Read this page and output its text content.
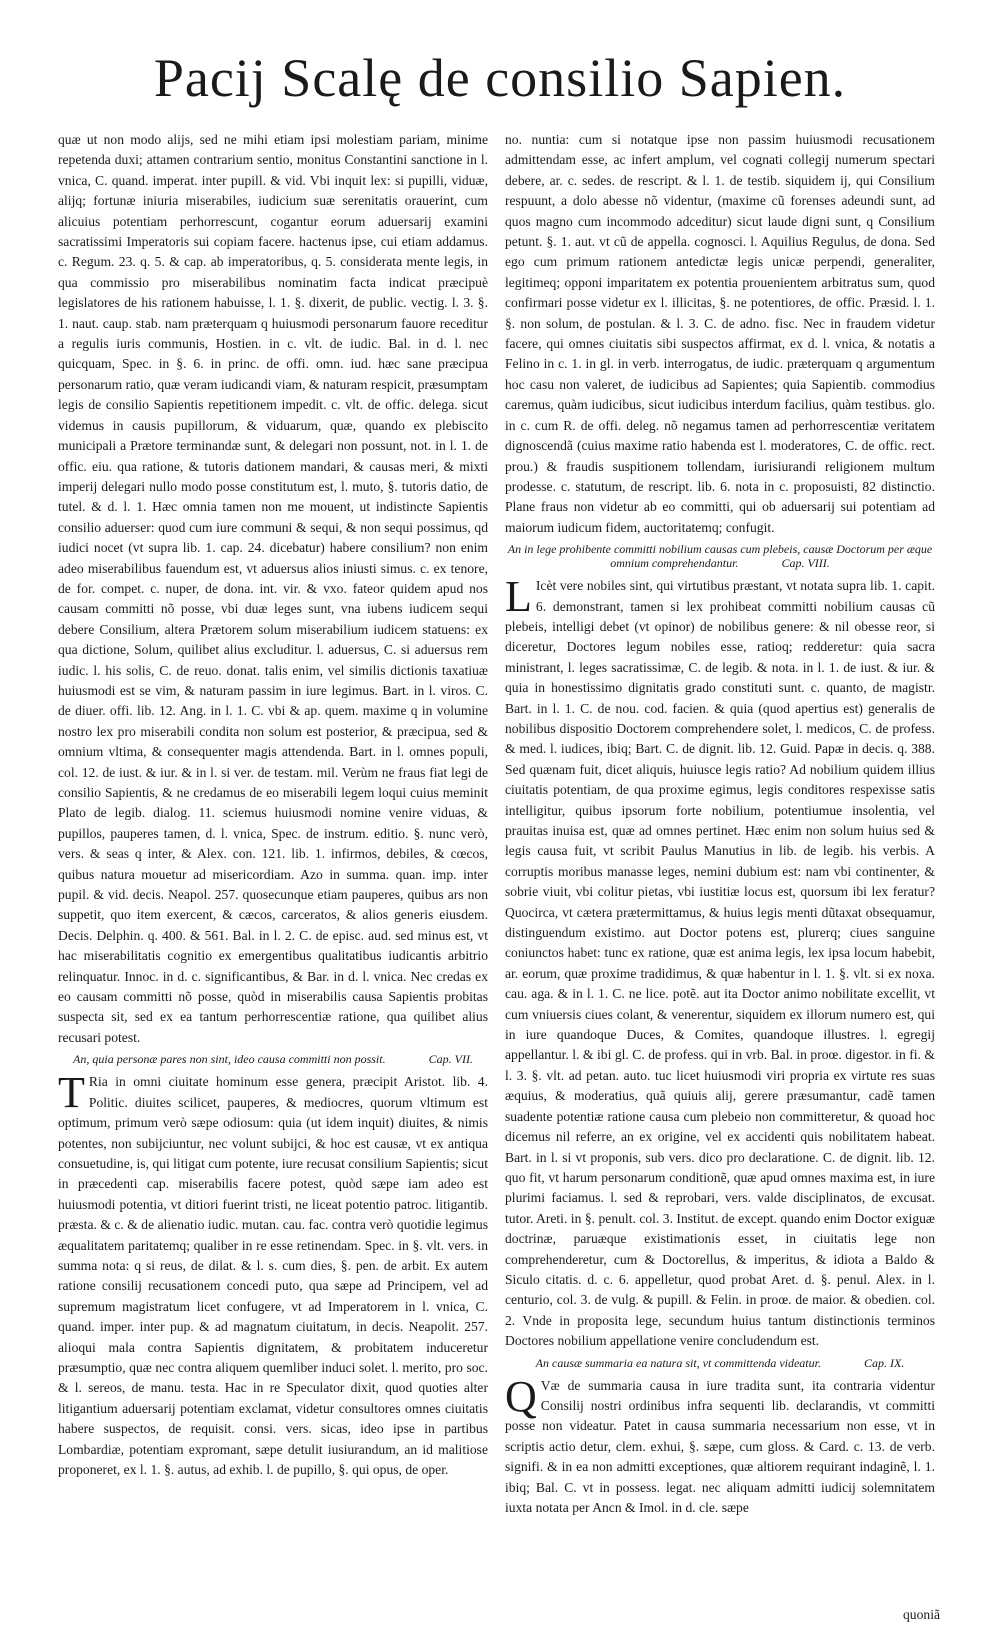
Pacij Scalę de consilio Sapien.

quæ ut non modo alijs, sed ne mihi etiam ipsi molestiam pariam, minime repetenda duxi; attamen contrarium sentio, monitus Constantini sanctione in l. vnica, C. quand. imperat. inter pupill. & vid. Vbi inquit lex: si pupilli, viduæ, alijq; fortunæ iniuria miserabiles, iudicium suæ serenitatis orauerint, cum alicuius potentiam perhorrescunt, cogantur eorum aduersarij examini sacratissimi Imperatoris sui copiam facere. hactenus ipse, cui etiam addamus. c. Regum. 23. q. 5. & cap. ab imperatoribus, q. 5. considerata mente legis, in qua commissio pro miserabilibus nominatim facta indicat præcipuè legislatores de his rationem habuisse, l. 1. §. dixerit, de public. vectig. l. 3. §. 1. naut. caup. stab. nam præterquam q huiusmodi personarum fauore receditur a regulis iuris communis, Hostien. in c. vlt. de iudic. Bal. in d. l. nec quicquam, Spec. in §. 6. in princ. de offi. omn. iud. hæc sane præcipua personarum ratio, quæ veram iudicandi viam, & naturam respicit, præsumptam legis de consilio Sapientis repetitionem impedit. c. vlt. de offic. delega. sicut videmus in causis pupillorum, & viduarum, quæ, quando ex plebiscito municipali a Prætore terminandæ sunt, & delegari non possunt, not. in l. 1. de offic. eiu. qua ratione, & tutoris dationem mandari, & causas meri, & mixti imperij delegari nullo modo posse constitutum est, l. muto, §. tutoris datio, de tutel. & d. l. 1. Hæc omnia tamen non me mouent, ut indistincte Sapientis consilio aduerser: quod cum iure communi & sequi, & non sequi possimus, qd iudici nocet (vt supra lib. 1. cap. 24. dicebatur) habere consilium? non enim adeo miserabilibus fauendum est, vt aduersus alios iniusti simus. c. ex tenore, de for. compet. c. nuper, de dona. int. vir. & vxo. fateor quidem apud nos causam committi nõ posse, vbi duæ leges sunt, vna iubens iudicem sequi debere Consilium, altera Prætorem solum miserabilium iudicem statuens: ex qua dictione, Solum, quilibet alius excluditur. l. aduersus, C. si aduersus rem iudic. l. his solis, C. de reuo. donat. talis enim, vel similis dictionis taxatiuæ huiusmodi est se vim, & naturam passim in iure legimus. Bart. in l. viros. C. de diuer. offi. lib. 12. Ang. in l. 1. C. vbi & ap. quem. maxime q in volumine nostro lex pro miserabili condita non solum est posterior, & præcipua, sed & omnium vltima, & consequenter magis attendenda. Bart. in l. omnes populi, col. 12. de iust. & iur. & in l. si ver. de testam. mil. Verùm ne fraus fiat legi de consilio Sapientis, & ne credamus de eo miserabili legem loqui cuius meminit Plato de legib. dialog. 11. sciemus huiusmodi nomine venire viduas, & pupillos, pauperes tamen, d. l. vnica, Spec. de instrum. editio. §. nunc verò, vers. & seas q inter, & Alex. con. 121. lib. 1. infirmos, debiles, & cœcos, quibus natura mouetur ad misericordiam. Azo in summa. quan. imp. inter pupil. & vid. decis. Neapol. 257. quosecunque etiam pauperes, quibus ars non suppetit, quo item exercent, & cæcos, carceratos, & alios generis eiusdem. Decis. Delphin. q. 400. & 561. Bal. in l. 2. C. de episc. aud. sed minus est, vt hac miserabilitatis cognitio ex emergentibus qualitatibus iudicantis arbitrio relinquatur. Innoc. in d. c. significantibus, & Bar. in d. l. vnica. Nec credas ex eo causam committi nõ posse, quòd in miserabilis causa Sapientis probitas suspecta sit, sed ex ea tantum perhorrescentiæ ratione, qua quilibet alius recusari potest.

An, quia personæ pares non sint, ideo causa committi non possit.	Cap. VII.

T Ria in omni ciuitate hominum esse genera, præcipit Aristot. lib. 4. Politic. diuites scilicet, pauperes, & mediocres, quorum vltimum est optimum, primum verò sæpe odiosum: quia (ut idem inquit) diuites, & nimis potentes, non subijciuntur, nec volunt subijci, & hoc est causæ, vt ex antiqua consuetudine, is, qui litigat cum potente, iure recusat consilium Sapientis; sicut in præcedenti cap. miserabilis facere potest, quòd sæpe iam adeo est huiusmodi potentia, vt ditiori fuerint tristi, ne liceat potentio patroc. litigantib. præsta. & c. & de alienatio iudic. mutan. cau. fac. contra verò quotidie legimus æqualitatem paritatemq; qualiber in re esse retinendam. Spec. in §. vlt. vers. in summa nota: q si reus, de dilat. & l. s. cum dies, §. pen. de arbit. Ex autem ratione consilij recusationem concedi puto, qua sæpe ad Principem, vel ad supremum magistratum licet confugere, vt ad Imperatorem in l. vnica, C. quand. imper. inter pup. & ad magnatum ciuitatum, in decis. Neapolit. 257. alioqui mala contra Sapientis dignitatem, & probitatem induceretur præsumptio, quæ nec contra aliquem quemliber induci solet. l. merito, pro soc. & l. sereos, de manu. testa. Hac in re Speculator dixit, quod quoties alter litigantium aduersarij potentiam exclamat, videtur consultores omnes ciuitatis habere suspectos, de requisit. consi. vers. sicas, ideo ipse in partibus Lombardiæ, potentiam expromant, sæpe detulit iusiurandum, an id malitiose proponeret, ex l. 1. §. autus, ad exhib. l. de pupillo, §. qui opus, de oper.

no. nuntia: cum si notatque ipse non passim huiusmodi recusationem admittendam esse, ac infert amplum, vel cognati collegij numerum spectari debere, ar. c. sedes. de rescript. & l. 1. de testib. siquidem ij, qui Consilium respuunt, a dolo abesse nõ videntur, (maxime cũ forenses adeundi sunt, ad quos magno cum incommodo adceditur) sicut laude digni sunt, q Consilium petunt. §. 1. aut. vt cũ de appella. cognosci. l. Aquilius Regulus, de dona. Sed ego cum primum rationem antedictæ legis unicæ perpendi, generaliter, legitimeq; opponi imparitatem ex potentia prouenientem arbitratus sum, quod confirmari posse videtur ex l. illicitas, §. ne potentiores, de offic. Præsid. l. 1. §. non solum, de postulan. & l. 3. C. de adno. fisc. Nec in fraudem videtur facere, qui omnes ciuitatis sibi suspectos affirmat, ex d. l. vnica, & notatis a Felino in c. 1. in gl. in verb. interrogatus, de iudic. præterquam q argumentum hoc casu non valeret, de iudicibus ad Sapientes; quia Sapientib. commodius caremus, quàm iudicibus, sicut iudicibus interdum facilius, quàm testibus. glo. in c. cum R. de offi. deleg. nõ negamus tamen ad perhorrescentiæ veritatem dignoscendã (cuius maxime ratio habenda est l. moderatores, C. de offic. rect. prou.) & fraudis suspitionem tollendam, iurisiurandi religionem multum prodesse. c. statutum, de rescript. lib. 6. nota in c. proposuisti, 82 distinctio. Plane fraus non videtur ab eo committi, qui ob aduersarij sui potentiam ad maiorum iudicum fidem, auctoritatemq; confugit.

An in lege prohibente committi nobilium causas cum plebeis, causæ Doctorum per æque omnium comprehendantur.	Cap. VIII.

L Icèt vere nobiles sint, qui virtutibus præstant, vt notata supra lib. 1. capit. 6. demonstrant, tamen si lex prohibeat committi nobilium causas cũ plebeis, intelligi debet (vt opinor) de nobilibus genere: & nil obesse reor, si diceretur, Doctores legum nobiles esse, ratioq; redderetur: quia sacra ministrant, l. leges sacratissimæ, C. de legib. & nota. in l. 1. de iust. & iur. & quia in honestissimo dignitatis grado constituti sunt. c. quanto, de magistr. Bart. in l. 1. C. de nou. cod. facien. & quia (quod apertius est) generalis de nobilibus dispositio Doctorem comprehendere solet, l. medicos, C. de profess. & med. l. iudices, ibiq; Bart. C. de dignit. lib. 12. Guid. Papæ in decis. q. 388. Sed quænam fuit, dicet aliquis, huiusce legis ratio? Ad nobilium quidem illius ciuitatis potentiam, de qua proxime egimus, legis conditores respexisse satis intelligitur, quibus ipsorum forte nobilium, potentiumue insolentia, vel prauitas inuisa est, quæ ad omnes pertinet. Hæc enim non solum huius sed & legis causa fuit, vt scribit Paulus Manutius in lib. de legib. his verbis. A corruptis moribus manasse leges, nemini dubium est: nam vbi continenter, & sobrie viuit, vbi colitur pietas, vbi iustitiæ locus est, quorsum ibi lex feratur? Quocirca, vt cætera prætermittamus, & huius legis menti dũtaxat obsequamur, distinguendum existimo. aut Doctor potens est, plurerq; ciues sanguine coniunctos habet: tunc ex ratione, quæ est anima legis, lex ipsa locum habebit, ar. eorum, quæ proxime tradidimus, & quæ habentur in l. 1. §. vlt. si ex noxa. cau. aga. & in l. 1. C. ne lice. potẽ. aut ita Doctor animo nobilitate excellit, vt cum vniuersis ciues colant, & venerentur, siquidem ex illorum numero est, qui in iure quandoque Duces, & Comites, quandoque illustres. l. egregij appellantur. l. & ibi gl. C. de profess. qui in vrb. Bal. in proœ. digestor. in fi. & l. 3. §. vlt. ad petan. auto. tuc licet huiusmodi viri propria ex virtute res suas æquius, & moderatius, quã quiuis alij, gerere præsumantur, cadẽ tamen suadente potentiæ ratione causa cum plebeio non committeretur, & quoad hoc dicemus nil referre, an ex origine, vel ex accidenti quis nobilitatem habeat. Bart. in l. si vt proponis, sub vers. dico pro declaratione. C. de dignit. lib. 12. quo fit, vt harum personarum conditionẽ, quæ apud omnes maxima est, in iure plurimi faciamus. l. sed & reprobari, vers. valde disciplinatos, de excusat. tutor. Areti. in §. penult. col. 3. Institut. de except. quando enim Doctor exiguæ doctrinæ, paruæque existimationis esset, in ciuitatis lege non comprehenderetur, cum & Doctorellus, & imperitus, & idiota a Baldo & Siculo citatis. d. c. 6. appelletur, quod probat Aret. d. §. penul. Alex. in l. centurio, col. 3. de vulg. & pupill. & Felin. in proœ. de maior. & obedien. col. 2. Vnde in proposita lege, secundum huius tantum distinctionis terminos Doctores nobilium appellatione venire concludendum est.

An causæ summaria ea natura sit, vt committenda videatur.	Cap. IX.

Q Væ de summaria causa in iure tradita sunt, ita contraria videntur Consilij nostri ordinibus infra sequenti lib. declarandis, vt committi posse non videatur. Patet in causa summaria necessarium non esse, vt in scriptis actio detur, clem. exhui, §. sæpe, cum gloss. & Card. c. 13. de verb. signifi. & in ea non admitti exceptiones, quæ altiorem requirant indaginẽ, l. 1. ibiq; Bal. C. vt in possess. legat. nec aliquam admitti iudicij solemnitatem iuxta notata per Ancn & Imol. in d. cle. sæpe

quoniã
